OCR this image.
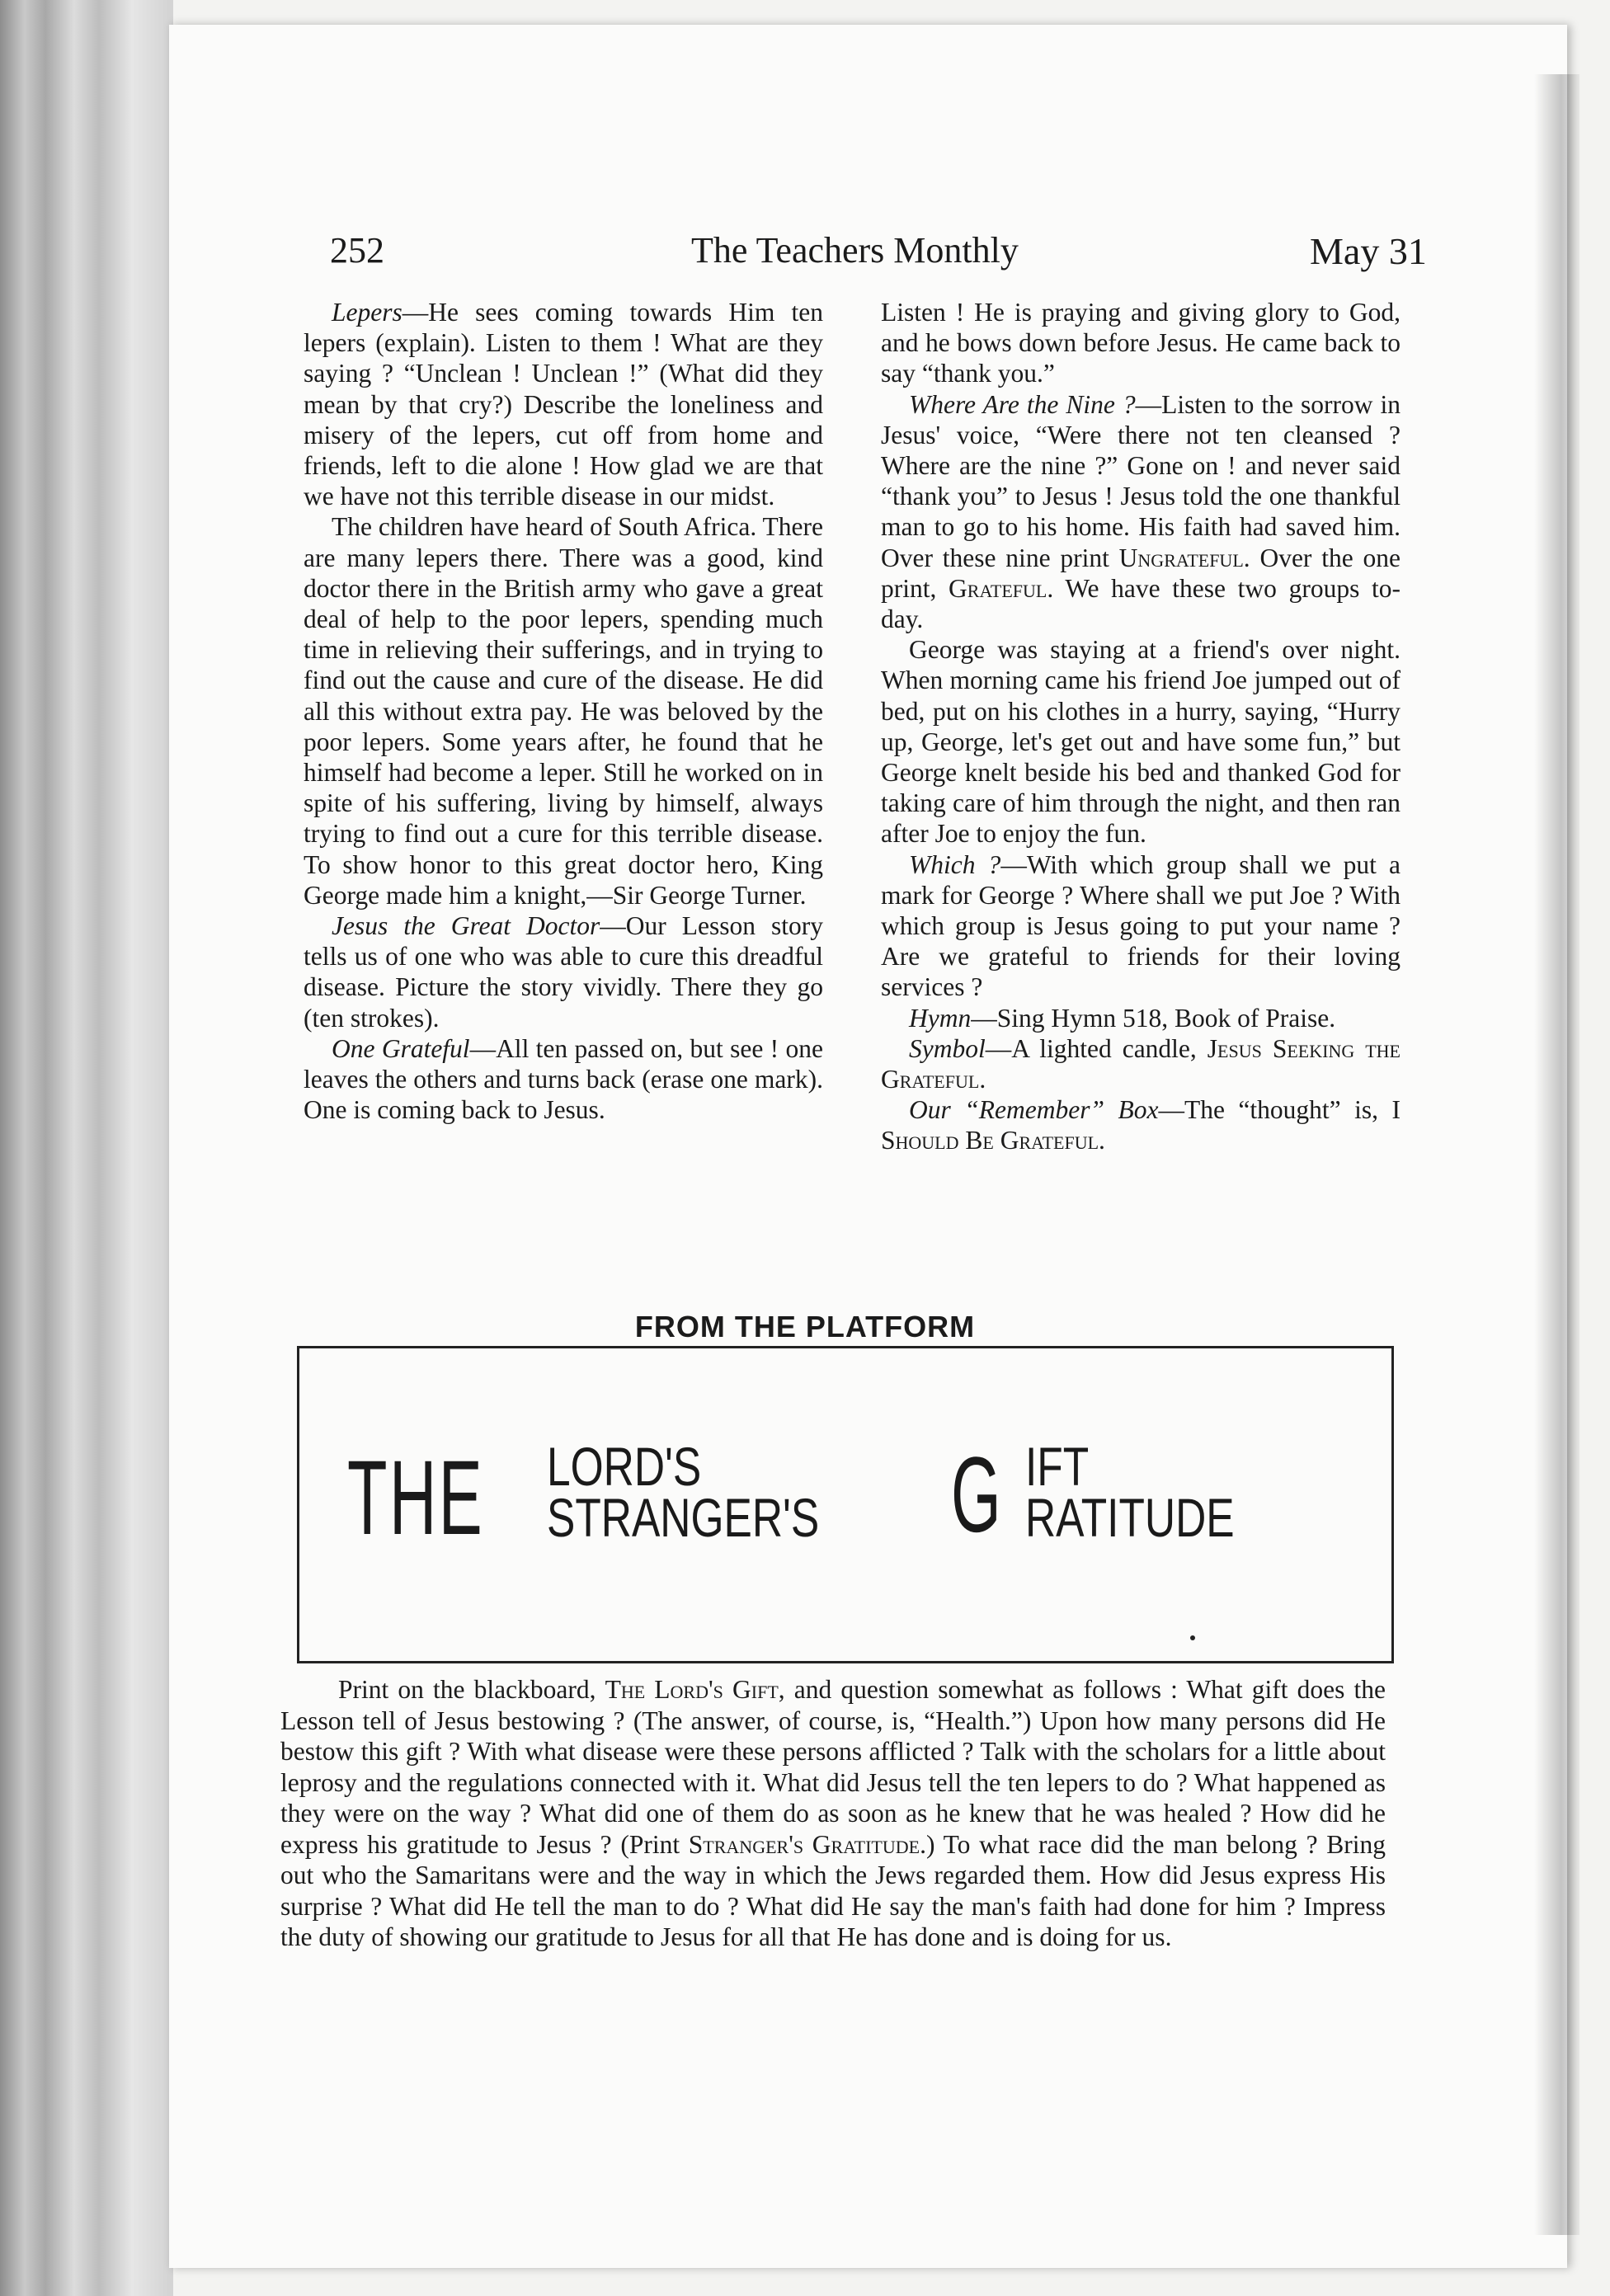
252	The Teachers Monthly	May 31

Lepers—He sees coming towards Him ten lepers (explain). Listen to them ! What are they saying ? “Unclean ! Unclean !” (What did they mean by that cry?) Describe the loneliness and misery of the lepers, cut off from home and friends, left to die alone ! How glad we are that we have not this terrible disease in our midst.

The children have heard of South Africa. There are many lepers there. There was a good, kind doctor there in the British army who gave a great deal of help to the poor lepers, spending much time in relieving their sufferings, and in trying to find out the cause and cure of the disease. He did all this without extra pay. He was beloved by the poor lepers. Some years after, he found that he himself had become a leper. Still he worked on in spite of his suffering, living by himself, always trying to find out a cure for this terrible disease. To show honor to this great doctor hero, King George made him a knight,—Sir George Turner.

Jesus the Great Doctor—Our Lesson story tells us of one who was able to cure this dreadful disease. Picture the story vividly. There they go (ten strokes).

One Grateful—All ten passed on, but see ! one leaves the others and turns back (erase one mark). One is coming back to Jesus.

Listen ! He is praying and giving glory to God, and he bows down before Jesus. He came back to say “thank you.”

Where Are the Nine ?—Listen to the sorrow in Jesus' voice, “Were there not ten cleansed ? Where are the nine ?” Gone on ! and never said “thank you” to Jesus ! Jesus told the one thankful man to go to his home. His faith had saved him. Over these nine print Ungrateful. Over the one print, Grateful. We have these two groups to-day.

George was staying at a friend's over night. When morning came his friend Joe jumped out of bed, put on his clothes in a hurry, saying, “Hurry up, George, let's get out and have some fun,” but George knelt beside his bed and thanked God for taking care of him through the night, and then ran after Joe to enjoy the fun.

Which ?—With which group shall we put a mark for George ? Where shall we put Joe ? With which group is Jesus going to put your name ? Are we grateful to friends for their loving services ?

Hymn—Sing Hymn 518, Book of Praise.

Symbol—A lighted candle, Jesus Seeking the Grateful.

Our “Remember” Box—The “thought” is, I Should Be Grateful.

FROM THE PLATFORM
THE LORD'S
STRANGER'S G IFT
RATITUDE

Print on the blackboard, The Lord's Gift, and question somewhat as follows : What gift does the Lesson tell of Jesus bestowing ? (The answer, of course, is, “Health.”) Upon how many persons did He bestow this gift ? With what disease were these persons afflicted ? Talk with the scholars for a little about leprosy and the regulations connected with it. What did Jesus tell the ten lepers to do ? What happened as they were on the way ? What did one of them do as soon as he knew that he was healed ? How did he express his gratitude to Jesus ? (Print Stranger's Gratitude.) To what race did the man belong ? Bring out who the Samaritans were and the way in which the Jews regarded them. How did Jesus express His surprise ? What did He tell the man to do ? What did He say the man's faith had done for him ? Impress the duty of showing our gratitude to Jesus for all that He has done and is doing for us.
